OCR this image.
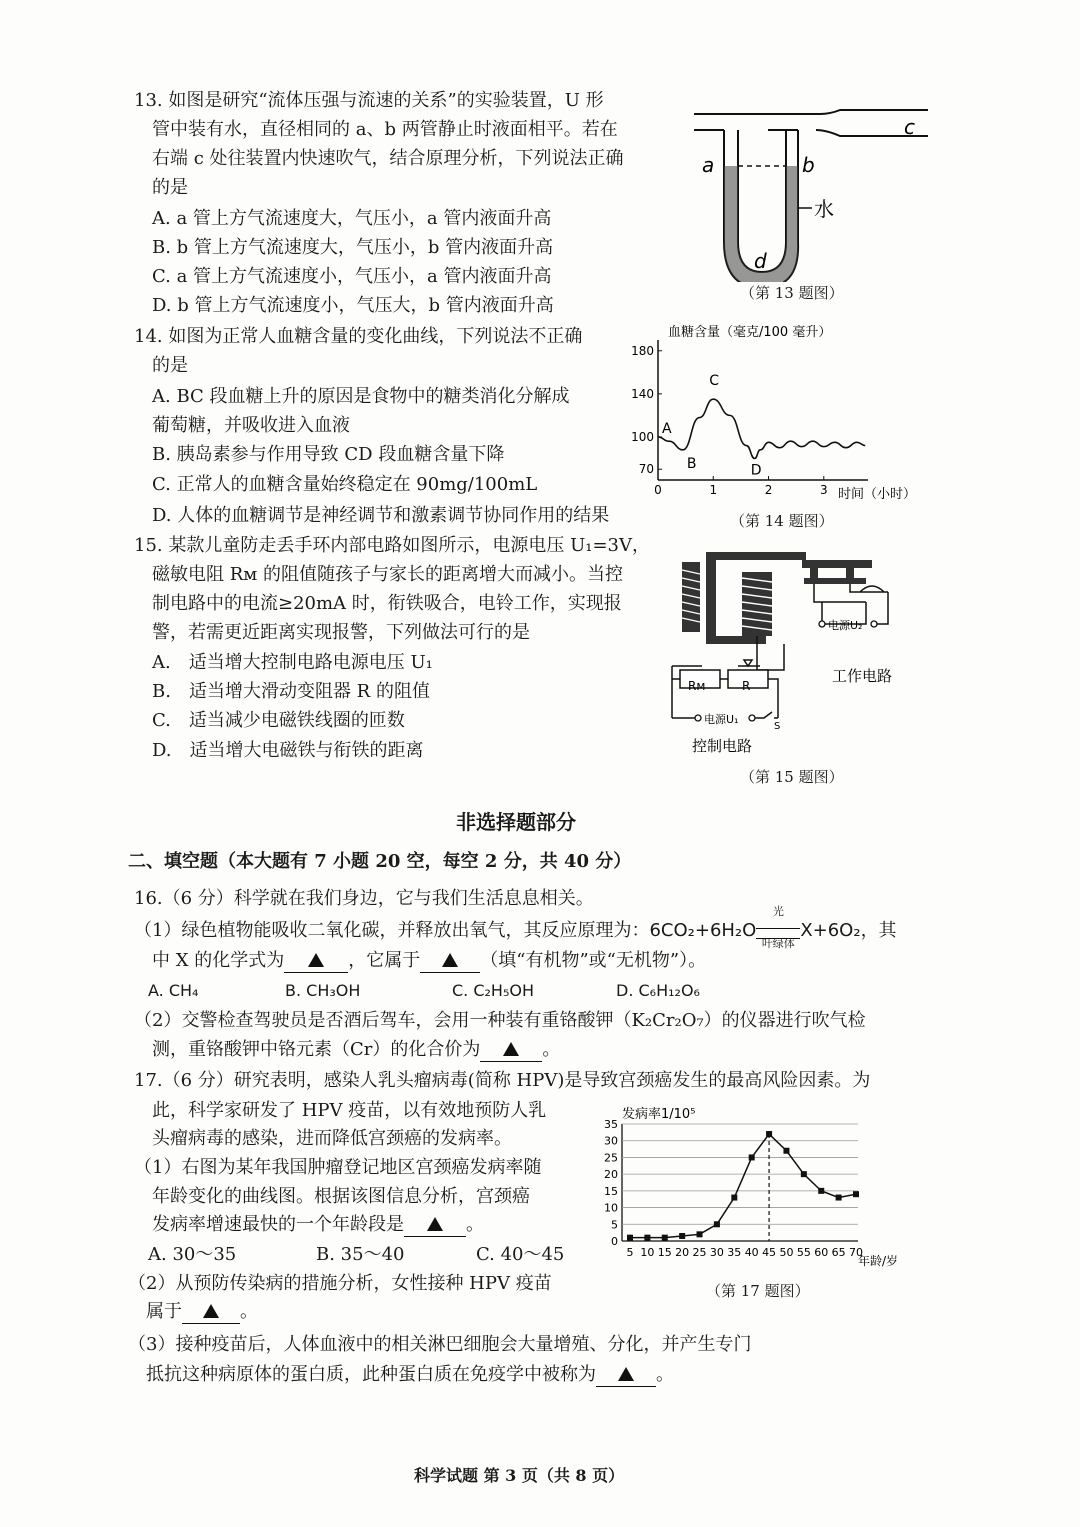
13. 如图是研究“流体压强与流速的关系”的实验装置，U 形
管中装有水，直径相同的 a、b 两管静止时液面相平。若在
右端 c 处往装置内快速吹气，结合原理分析，下列说法正确
的是
A. a 管上方气流速度大，气压小，a 管内液面升高
B. b 管上方气流速度大，气压小，b 管内液面升高
C. a 管上方气流速度小，气压小，a 管内液面升高
D. b 管上方气流速度小，气压大，b 管内液面升高
a	b
c
d
水
（第 13 题图）
14. 如图为正常人血糖含量的变化曲线，下列说法不正确
的是
A. BC 段血糖上升的原因是食物中的糖类消化分解成
葡萄糖，并吸收进入血液
B. 胰岛素参与作用导致 CD 段血糖含量下降
C. 正常人的血糖含量始终稳定在 90mg/100mL
D. 人体的血糖调节是神经调节和激素调节协同作用的结果
血糖含量（毫克/100 毫升）
时间（小时）
180
140
100
70
0	1	2	3
A
B
C
D
（第 14 题图）
15. 某款儿童防走丢手环内部电路如图所示，电源电压 U₁=3V，
磁敏电阻 Rм 的阻值随孩子与家长的距离增大而减小。当控
制电路中的电流≥20mA 时，衔铁吸合，电铃工作，实现报
警，若需更近距离实现报警，下列做法可行的是
A.　适当增大控制电路电源电压 U₁
B.　适当增大滑动变阻器 R 的阻值
C.　适当减少电磁铁线圈的匝数
D.　适当增大电磁铁与衔铁的距离
电源U₂
Rм	R
电源U₁
S
工作电路
控制电路
（第 15 题图）
非选择题部分
二、填空题（本大题有 7 小题 20 空，每空 2 分，共 40 分）
16.（6 分）科学就在我们身边，它与我们生活息息相关。
（1）绿色植物能吸收二氧化碳，并释放出氧气，其反应原理为：6CO₂+6H₂O
光
叶绿体
X+6O₂，其
中 X 的化学式为	，它属于	（填“有机物”或“无机物”）。
A. CH₄	B. CH₃OH	C. C₂H₅OH	D. C₆H₁₂O₆
（2）交警检查驾驶员是否酒后驾车，会用一种装有重铬酸钾（K₂Cr₂O₇）的仪器进行吹气检
测，重铬酸钾中铬元素（Cr）的化合价为	。
17.（6 分）研究表明，感染人乳头瘤病毒(简称 HPV)是导致宫颈癌发生的最高风险因素。为
此，科学家研发了 HPV 疫苗，以有效地预防人乳
头瘤病毒的感染，进而降低宫颈癌的发病率。
（1）右图为某年我国肿瘤登记地区宫颈癌发病率随
年龄变化的曲线图。根据该图信息分析，宫颈癌
发病率增速最快的一个年龄段是	。
A. 30～35	B. 35～40	C. 40～45
（2）从预防传染病的措施分析，女性接种 HPV 疫苗
属于	。
（3）接种疫苗后，人体血液中的相关淋巴细胞会大量增殖、分化，并产生专门
抵抗这种病原体的蛋白质，此种蛋白质在免疫学中被称为	。
发病率1/10⁵
年龄/岁
35
30
25
20
15
10
5
0
5 10 15 20 25 30 35 40 45 50 55 60 65 70
（第 17 题图）
科学试题 第 3 页（共 8 页）
